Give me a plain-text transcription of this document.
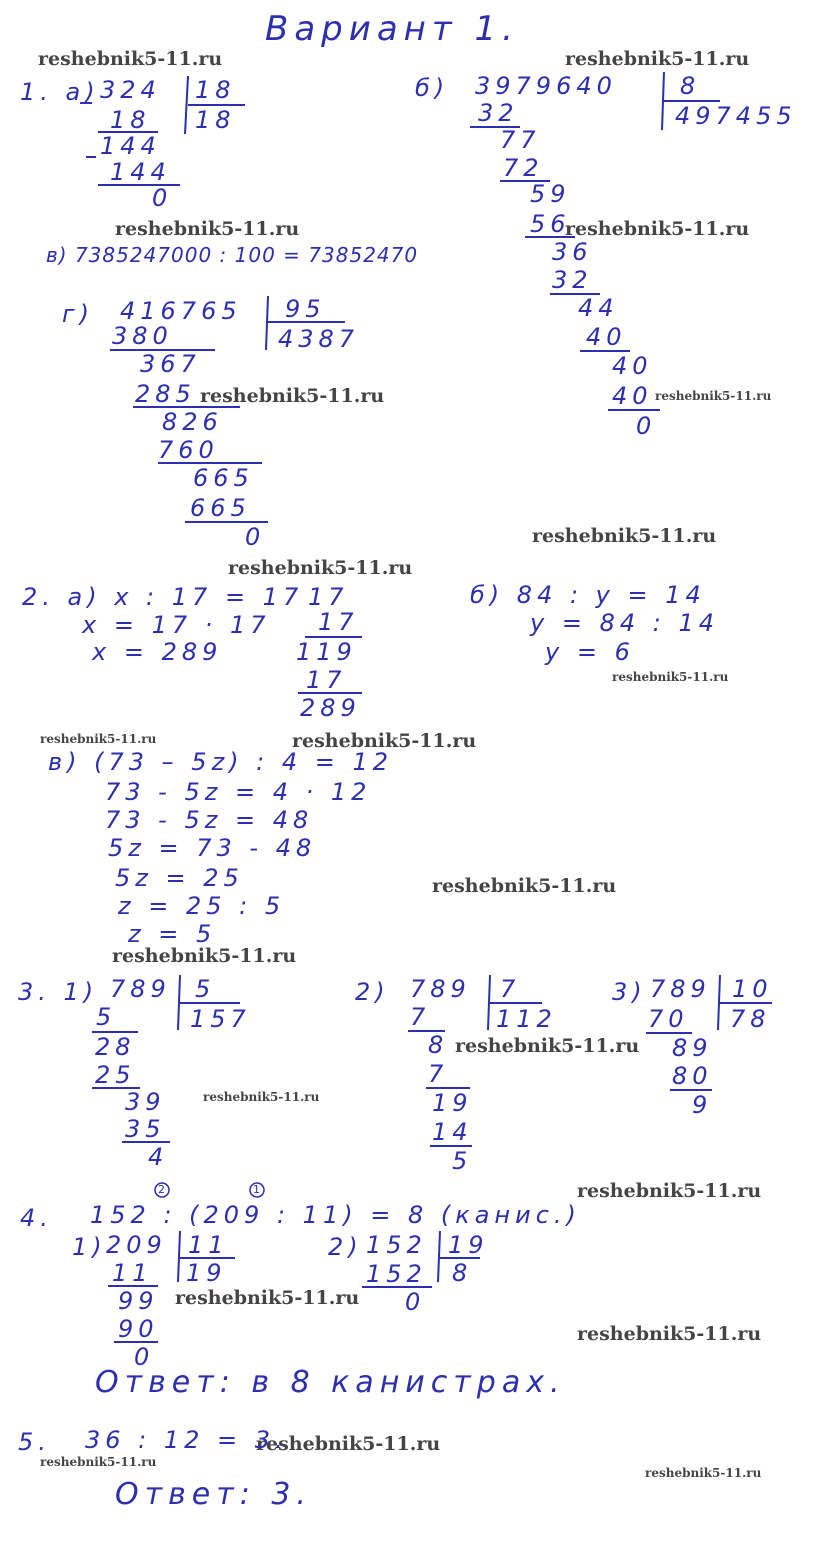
Вариант 1.
reshebnik5-11.ru	reshebnik5-11.ru
reshebnik5-11.ru	reshebnik5-11.ru
reshebnik5-11.ru	reshebnik5-11.ru
reshebnik5-11.ru
reshebnik5-11.ru
reshebnik5-11.ru
reshebnik5-11.ru	reshebnik5-11.ru
reshebnik5-11.ru
reshebnik5-11.ru
reshebnik5-11.ru
reshebnik5-11.ru
reshebnik5-11.ru
reshebnik5-11.ru
reshebnik5-11.ru
reshebnik5-11.ru
reshebnik5-11.ru
reshebnik5-11.ru
1. а) 324 18
18
18
144
144
0
б) 3979640	8
497455
32
77
72
59
56
36
32
44
40
40
40
0
в) 7385247000 : 100 = 73852470
г) 416765 95
4387
380
367
285
826
760
665
665
0
2. а) x : 17 = 17
x = 17 · 17
x = 289
17
17
119
17
289
б) 84 : y = 14
y = 84 : 14
y = 6
в) (73 – 5z) : 4 = 12
73 - 5z = 4 · 12
73 - 5z = 48
5z = 73 - 48
5z = 25
z = 25 : 5
z = 5
3. 1) 789 5
157
5
28
25
39
35
4
2) 789 7
112
7
8
7
19
14
5
3) 789 10
78
70
89
80
9
4. 152 : (209 : 11) = 8 (канис.)
2	1
1) 209 11
19
11
99
90
0
2) 152 19
8
152
0
Ответ: в 8 канистрах.
5. 36 : 12 = 3.
Ответ: 3.
